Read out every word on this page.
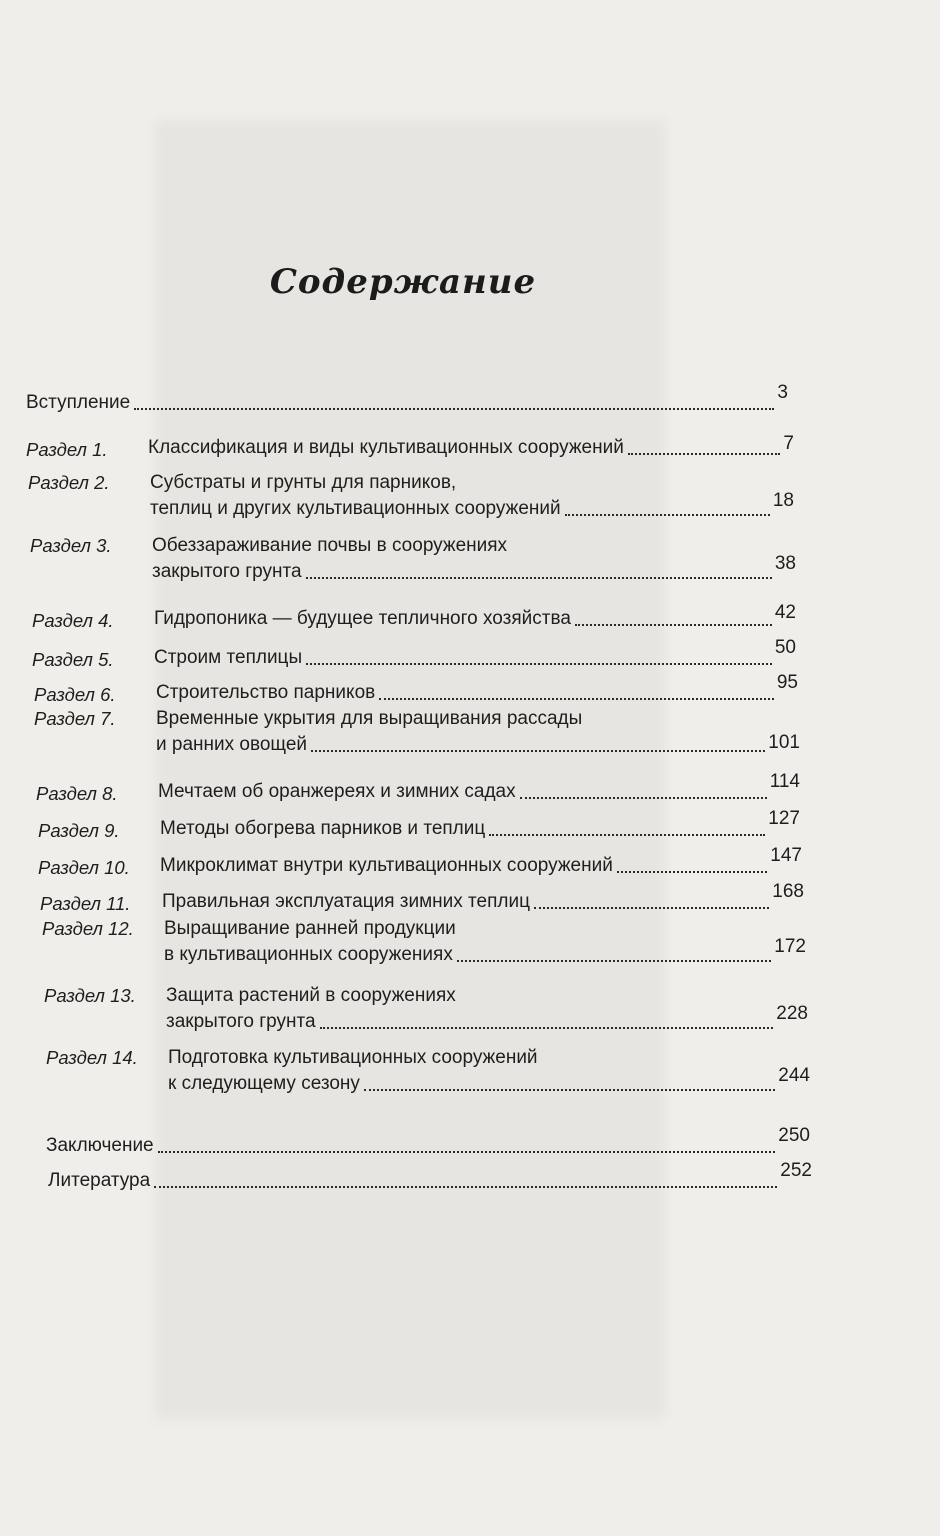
Содержание
Вступление	3
Раздел 1.	Классификация и виды культивационных сооружений	7
Раздел 2.	Субстраты и грунты для парников,
теплиц и других культивационных сооружений	18
Раздел 3.	Обеззараживание почвы в сооружениях
закрытого грунта	38
Раздел 4.	Гидропоника — будущее тепличного хозяйства	42
Раздел 5.	Строим теплицы	50
Раздел 6.	Строительство парников	95
Раздел 7.	Временные укрытия для выращивания рассады
и ранних овощей	101
Раздел 8.	Мечтаем об оранжереях и зимних садах	114
Раздел 9.	Методы обогрева парников и теплиц	127
Раздел 10.	Микроклимат внутри культивационных сооружений	147
Раздел 11.	Правильная эксплуатация зимних теплиц	168
Раздел 12.	Выращивание ранней продукции
в культивационных сооружениях	172
Раздел 13.	Защита растений в сооружениях
закрытого грунта	228
Раздел 14.	Подготовка культивационных сооружений
к следующему сезону	244
Заключение	250
Литература	252
